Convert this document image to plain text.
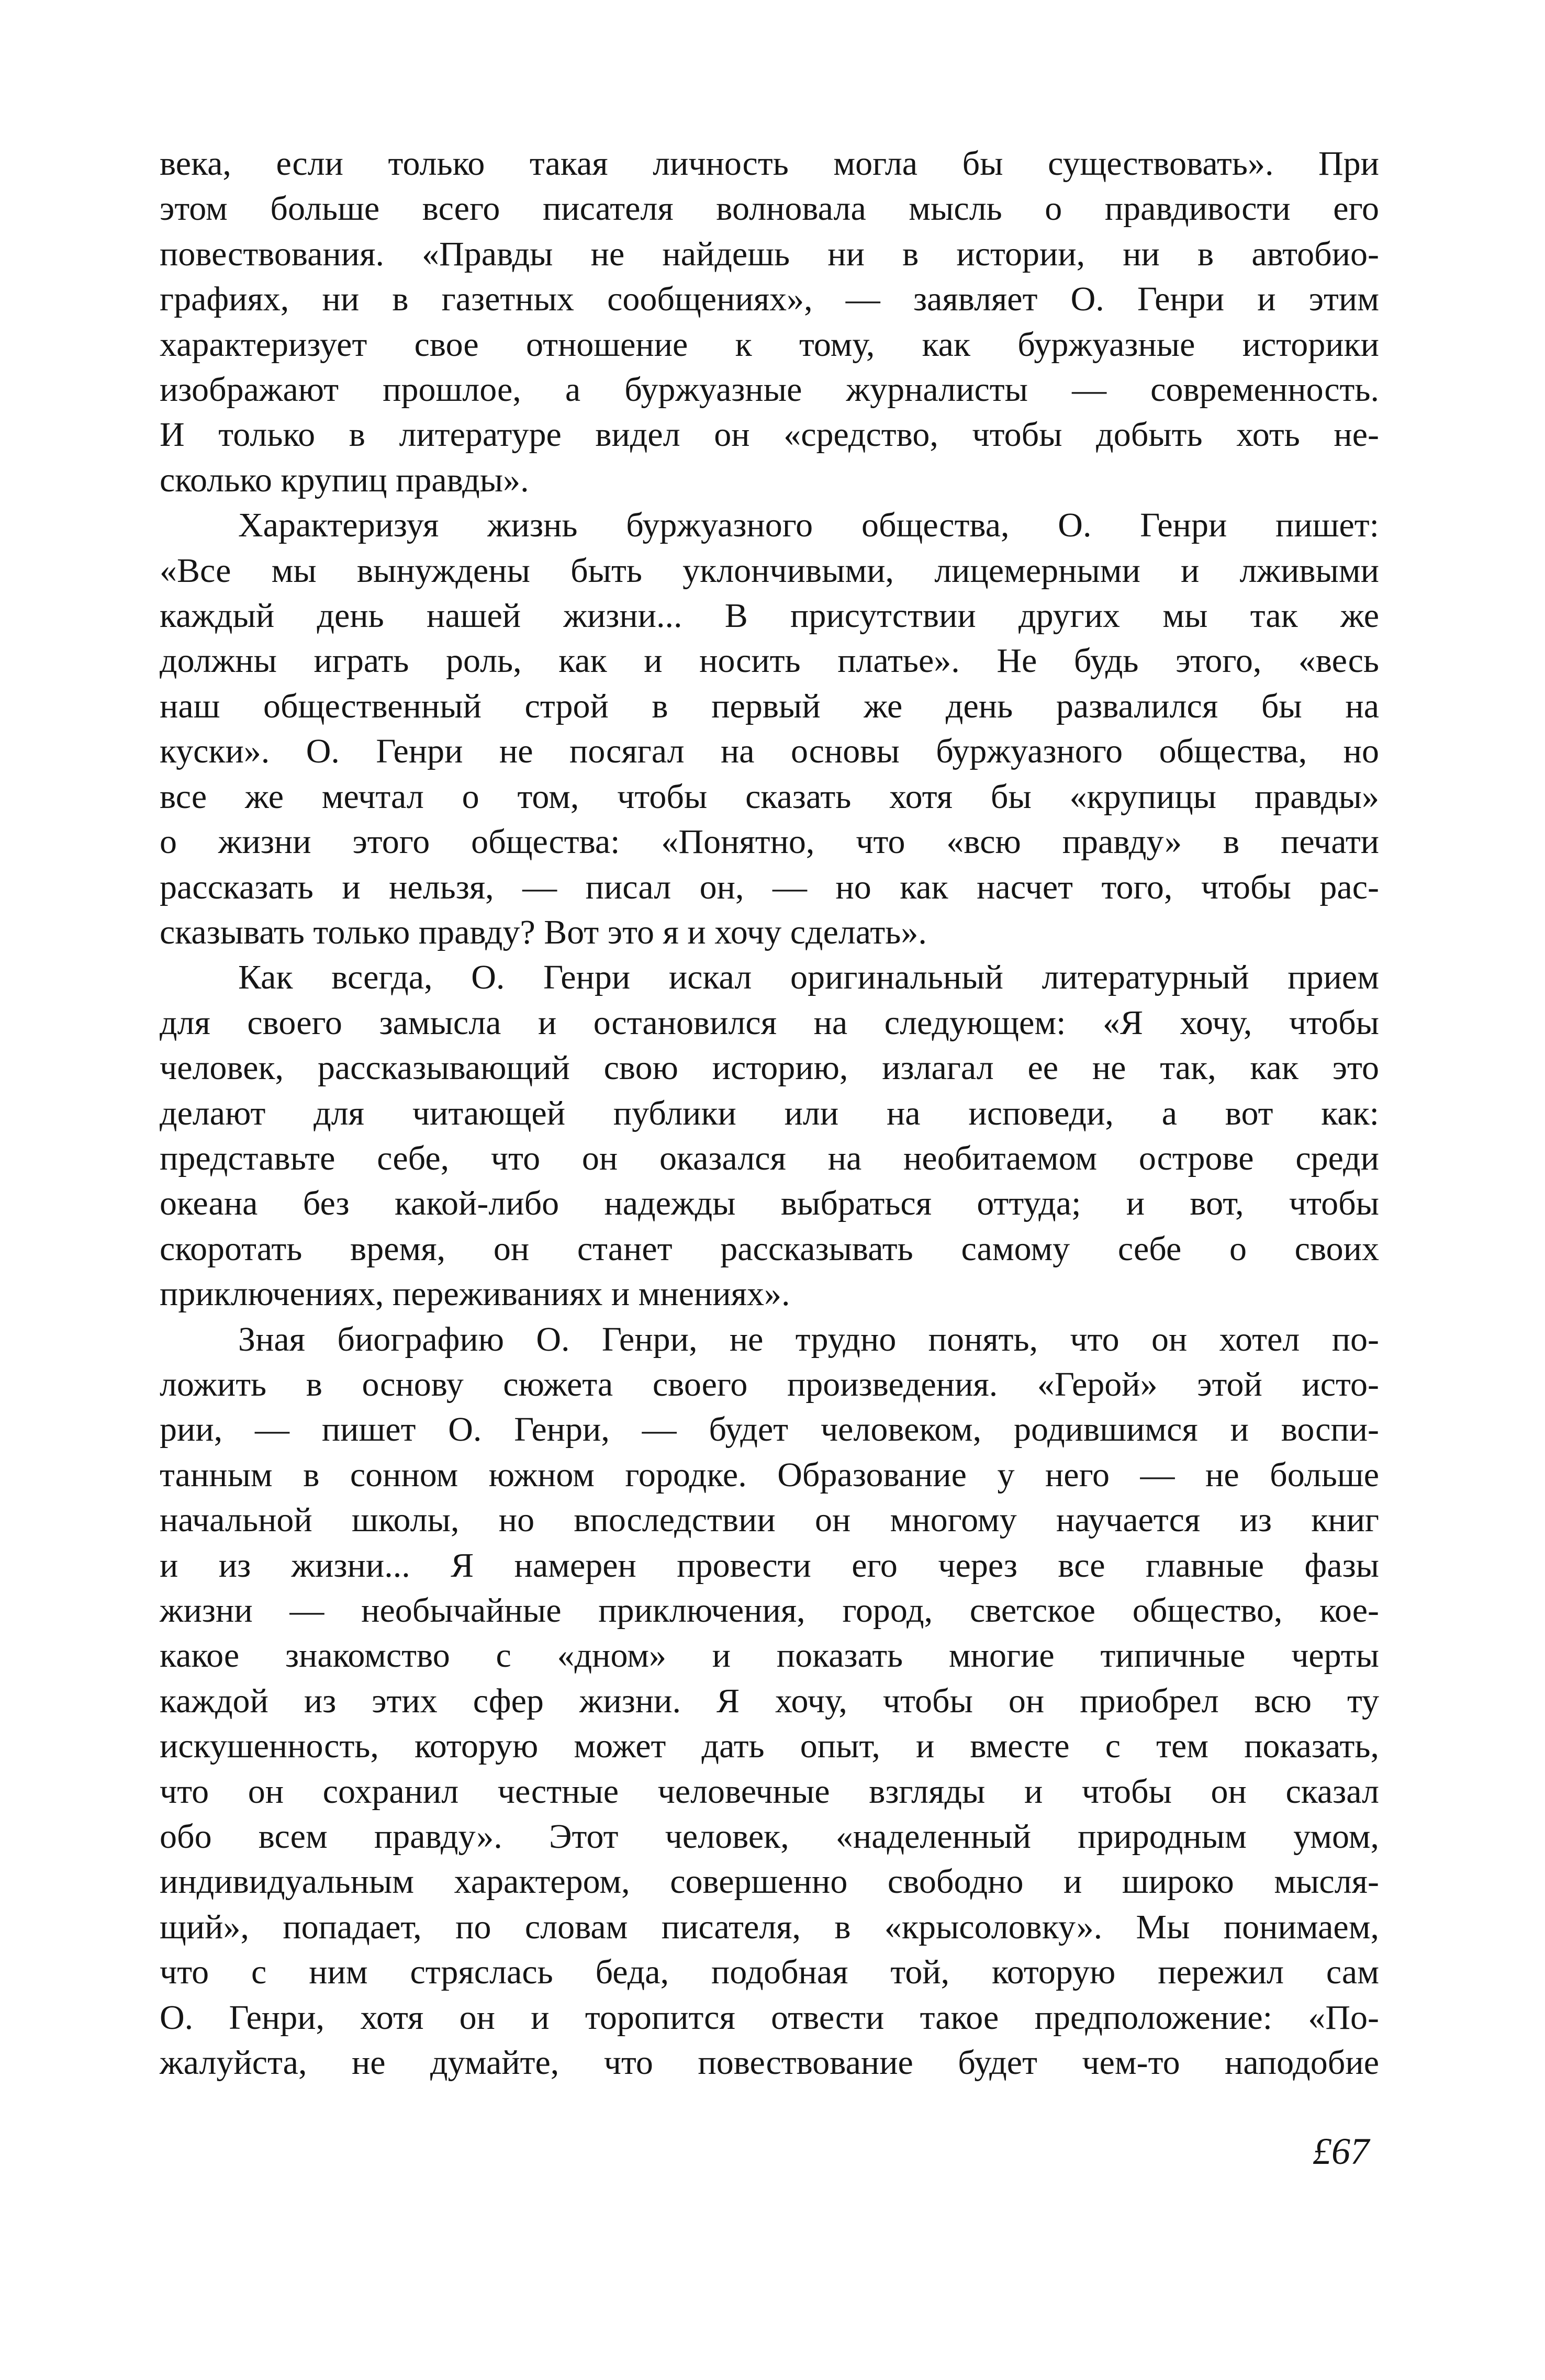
века, если только такая личность могла бы существовать». При
этом больше всего писателя волновала мысль о правдивости его
повествования. «Правды не найдешь ни в истории, ни в автобио-
графиях, ни в газетных сообщениях», — заявляет О. Генри и этим
характеризует свое отношение к тому, как буржуазные историки
изображают прошлое, а буржуазные журналисты — современность.
И только в литературе видел он «средство, чтобы добыть хоть не-
сколько крупиц правды».

Характеризуя жизнь буржуазного общества, О. Генри пишет:
«Все мы вынуждены быть уклончивыми, лицемерными и лживыми
каждый день нашей жизни... В присутствии других мы так же
должны играть роль, как и носить платье». Не будь этого, «весь
наш общественный строй в первый же день развалился бы на
куски». О. Генри не посягал на основы буржуазного общества, но
все же мечтал о том, чтобы сказать хотя бы «крупицы правды»
о жизни этого общества: «Понятно, что «всю правду» в печати
рассказать и нельзя, — писал он, — но как насчет того, чтобы рас-
сказывать только правду? Вот это я и хочу сделать».

Как всегда, О. Генри искал оригинальный литературный прием
для своего замысла и остановился на следующем: «Я хочу, чтобы
человек, рассказывающий свою историю, излагал ее не так, как это
делают для читающей публики или на исповеди, а вот как:
представьте себе, что он оказался на необитаемом острове среди
океана без какой-либо надежды выбраться оттуда; и вот, чтобы
скоротать время, он станет рассказывать самому себе о своих
приключениях, переживаниях и мнениях».

Зная биографию О. Генри, не трудно понять, что он хотел по-
ложить в основу сюжета своего произведения. «Герой» этой исто-
рии, — пишет О. Генри, — будет человеком, родившимся и воспи-
танным в сонном южном городке. Образование у него — не больше
начальной школы, но впоследствии он многому научается из книг
и из жизни... Я намерен провести его через все главные фазы
жизни — необычайные приключения, город, светское общество, кое-
какое знакомство с «дном» и показать многие типичные черты
каждой из этих сфер жизни. Я хочу, чтобы он приобрел всю ту
искушенность, которую может дать опыт, и вместе с тем показать,
что он сохранил честные человечные взгляды и чтобы он сказал
обо всем правду». Этот человек, «наделенный природным умом,
индивидуальным характером, совершенно свободно и широко мысля-
щий», попадает, по словам писателя, в «крысоловку». Мы понимаем,
что с ним стряслась беда, подобная той, которую пережил сам
О. Генри, хотя он и торопится отвести такое предположение: «По-
жалуйста, не думайте, что повествование будет чем-то наподобие

£67
